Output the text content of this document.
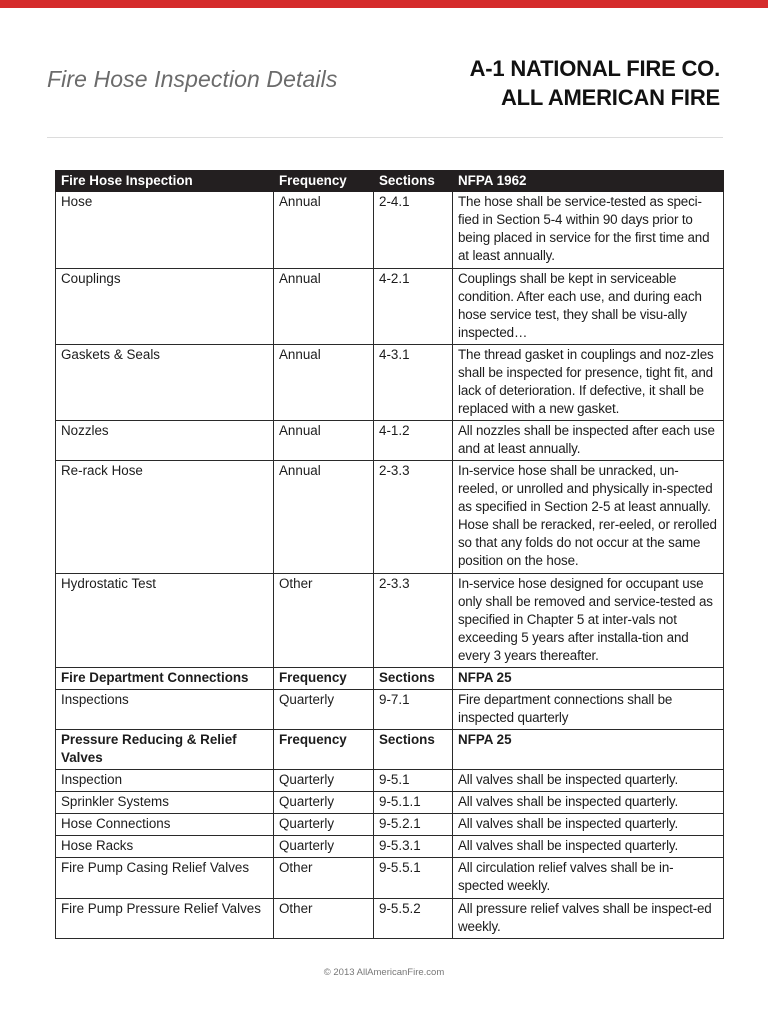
Fire Hose Inspection Details	A-1 NATIONAL FIRE CO.
ALL AMERICAN FIRE
Fire Hose Inspection	Frequency	Sections	NFPA 1962
Hose	Annual	2-4.1	The hose shall be service-tested as speci-fied in Section 5-4 within 90 days prior to being placed in service for the first time and at least annually.
Couplings	Annual	4-2.1	Couplings shall be kept in serviceable condition. After each use, and during each hose service test, they shall be visu-ally inspected…
Gaskets & Seals	Annual	4-3.1	The thread gasket in couplings and noz-zles shall be inspected for presence, tight fit, and lack of deterioration. If defective, it shall be replaced with a new gasket.
Nozzles	Annual	4-1.2	All nozzles shall be inspected after each use and at least annually.
Re-rack Hose	Annual	2-3.3	In-service hose shall be unracked, un-reeled, or unrolled and physically in-spected as specified in Section 2-5 at least annually. Hose shall be reracked, rer-eeled, or rerolled so that any folds do not occur at the same position on the hose.
Hydrostatic Test	Other	2-3.3	In-service hose designed for occupant use only shall be removed and service-tested as specified in Chapter 5 at inter-vals not exceeding 5 years after installa-tion and every 3 years thereafter.
Fire Department Connections	Frequency	Sections	NFPA 25
Inspections	Quarterly	9-7.1	Fire department connections shall be inspected quarterly
Pressure Reducing & Relief Valves	Frequency	Sections	NFPA 25
Inspection	Quarterly	9-5.1	All valves shall be inspected quarterly.
Sprinkler Systems	Quarterly	9-5.1.1	All valves shall be inspected quarterly.
Hose Connections	Quarterly	9-5.2.1	All valves shall be inspected quarterly.
Hose Racks	Quarterly	9-5.3.1	All valves shall be inspected quarterly.
Fire Pump Casing Relief Valves	Other	9-5.5.1	All circulation relief valves shall be in-spected weekly.
Fire Pump Pressure Relief Valves	Other	9-5.5.2	All pressure relief valves shall be inspect-ed weekly.
© 2013 AllAmericanFire.com
